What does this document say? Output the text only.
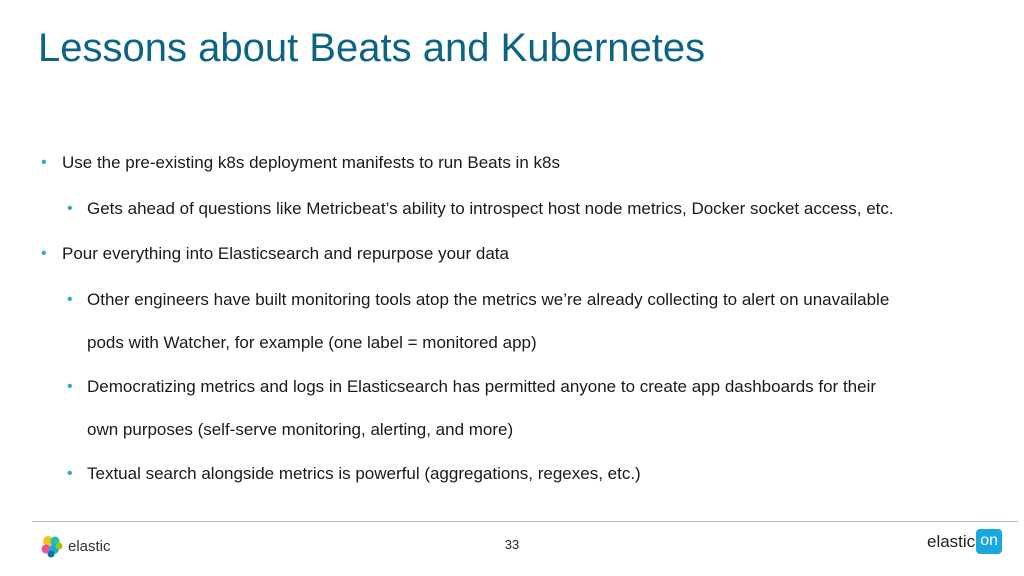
Lessons about Beats and Kubernetes
• Use the pre-existing k8s deployment manifests to run Beats in k8s
• Gets ahead of questions like Metricbeat’s ability to introspect host node metrics, Docker socket access, etc.
• Pour everything into Elasticsearch and repurpose your data
• Other engineers have built monitoring tools atop the metrics we’re already collecting to alert on unavailable
pods with Watcher, for example (one label = monitored app)
• Democratizing metrics and logs in Elasticsearch has permitted anyone to create app dashboards for their
own purposes (self-serve monitoring, alerting, and more)
• Textual search alongside metrics is powerful (aggregations, regexes, etc.)
elastic	33	elastic on
